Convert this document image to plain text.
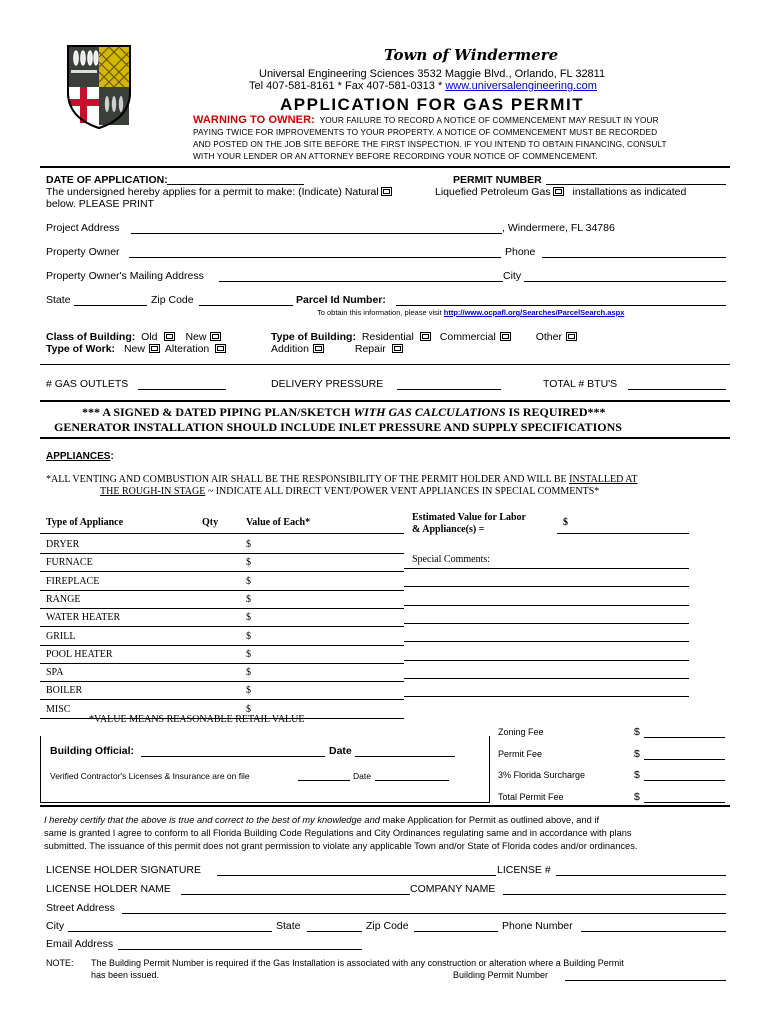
Town of Windermere
Universal Engineering Sciences 3532 Maggie Blvd., Orlando, FL 32811
Tel 407-581-8161 * Fax 407-581-0313 * www.universalengineering.com
APPLICATION FOR GAS PERMIT
WARNING TO OWNER: YOUR FAILURE TO RECORD A NOTICE OF COMMENCEMENT MAY RESULT IN YOUR
PAYING TWICE FOR IMPROVEMENTS TO YOUR PROPERTY. A NOTICE OF COMMENCEMENT MUST BE RECORDED
AND POSTED ON THE JOB SITE BEFORE THE FIRST INSPECTION. IF YOU INTEND TO OBTAIN FINANCING, CONSULT
WITH YOUR LENDER OR AN ATTORNEY BEFORE RECORDING YOUR NOTICE OF COMMENCEMENT.
DATE OF APPLICATION:	PERMIT NUMBER
The undersigned hereby applies for a permit to make: (Indicate) Natural	Liquefied Petroleum Gas installations as indicated
below. PLEASE PRINT
Project Address	, Windermere, FL 34786
Property Owner	Phone
Property Owner's Mailing Address	City
State	Zip Code	Parcel Id Number:
To obtain this information, please visit http://www.ocpafl.org/Searches/ParcelSearch.aspx
Class of Building: Old	New
Type of Work: New Alteration
Type of Building: Residential Commercial	Other
Addition	Repair
# GAS OUTLETS	DELIVERY PRESSURE	TOTAL # BTU'S
*** A SIGNED & DATED PIPING PLAN/SKETCH WITH GAS CALCULATIONS IS REQUIRED***
GENERATOR INSTALLATION SHOULD INCLUDE INLET PRESSURE AND SUPPLY SPECIFICATIONS
APPLIANCES:
*ALL VENTING AND COMBUSTION AIR SHALL BE THE RESPONSIBILITY OF THE PERMIT HOLDER AND WILL BE INSTALLED AT
THE ROUGH-IN STAGE ~ INDICATE ALL DIRECT VENT/POWER VENT APPLIANCES IN SPECIAL COMMENTS*
Type of Appliance	Qty	Value of Each*
DRYER	$
FURNACE	$
FIREPLACE	$
RANGE	$
WATER HEATER	$
GRILL	$
POOL HEATER	$
SPA	$
BOILER	$
MISC	$
*VALUE MEANS REASONABLE RETAIL VALUE
Estimated Value for Labor
& Appliance(s) =
$
Special Comments:
Zoning Fee	$
Permit Fee	$
3% Florida Surcharge	$
Total Permit Fee	$
Building Official:	Date
Verified Contractor's Licenses & Insurance are on file	Date
I hereby certify that the above is true and correct to the best of my knowledge and make Application for Permit as outlined above, and if
same is granted I agree to conform to all Florida Building Code Regulations and City Ordinances regulating same and in accordance with plans
submitted. The issuance of this permit does not grant permission to violate any applicable Town and/or State of Florida codes and/or ordinances.
LICENSE HOLDER SIGNATURE	LICENSE #
LICENSE HOLDER NAME	COMPANY NAME
Street Address
City	State	Zip Code	Phone Number
Email Address
NOTE: The Building Permit Number is required if the Gas Installation is associated with any construction or alteration where a Building Permit
has been issued.	Building Permit Number
